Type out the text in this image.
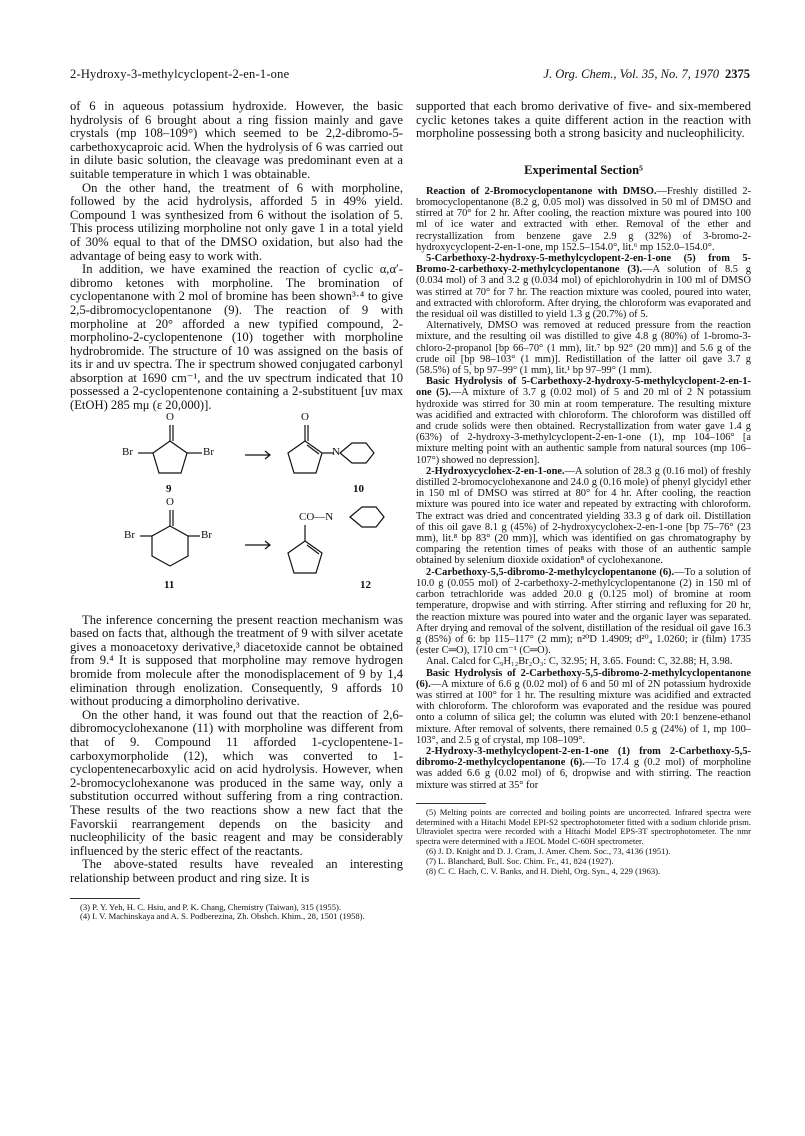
2-Hydroxy-3-methylcyclopent-2-en-1-one	J. Org. Chem., Vol. 35, No. 7, 1970 2375

of 6 in aqueous potassium hydroxide. However, the basic hydrolysis of 6 brought about a ring fission mainly and gave crystals (mp 108–109°) which seemed to be 2,2-dibromo-5-carbethoxycaproic acid. When the hydrolysis of 6 was carried out in dilute basic solution, the cleavage was predominant even at a suitable temperature in which 1 was obtainable.

On the other hand, the treatment of 6 with morpholine, followed by the acid hydrolysis, afforded 5 in 49% yield. Compound 1 was synthesized from 6 without the isolation of 5. This process utilizing morpholine not only gave 1 in a total yield of 30% equal to that of the DMSO oxidation, but also had the advantage of being easy to work with.

In addition, we have examined the reaction of cyclic α,α′-dibromo ketones with morpholine. The bromination of cyclopentanone with 2 mol of bromine has been shown³·⁴ to give 2,5-dibromocyclopentanone (9). The reaction of 9 with morpholine at 20° afforded a new typified compound, 2-morpholino-2-cyclopentenone (10) together with morpholine hydrobromide. The structure of 10 was assigned on the basis of its ir and uv spectra. The ir spectrum showed conjugated carbonyl absorption at 1690 cm⁻¹, and the uv spectrum indicated that 10 possessed a 2-cyclopentenone containing a 2-substituent [uv max (EtOH) 285 mμ (ε 20,000)].

O
Br	Br
9
O
N
10
O
Br	Br
11
CO—N
12

The inference concerning the present reaction mechanism was based on facts that, although the treatment of 9 with silver acetate gives a monoacetoxy derivative,³ diacetoxide cannot be obtained from 9.⁴ It is supposed that morpholine may remove hydrogen bromide from molecule after the monodisplacement of 9 by 1,4 elimination through enolization. Consequently, 9 affords 10 without producing a dimorpholino derivative.

On the other hand, it was found out that the reaction of 2,6-dibromocyclohexanone (11) with morpholine was different from that of 9. Compound 11 afforded 1-cyclopentene-1-carboxymorpholide (12), which was converted to 1-cyclopentenecarboxylic acid on acid hydrolysis. However, when 2-bromocyclohexanone was produced in the same way, only a substitution occurred without suffering from a ring contraction. These results of the two reactions show a new fact that the Favorskii rearrangement depends on the basicity and nucleophilicity of the basic reagent and may be considerably influenced by the steric effect of the reactants.

The above-stated results have revealed an interesting relationship between product and ring size. It is

(3) P. Y. Yeh, H. C. Hsiu, and P. K. Chang, Chemistry (Taiwan), 315 (1955).

(4) I. V. Machinskaya and A. S. Podberezina, Zh. Obshch. Khim., 28, 1501 (1958).

supported that each bromo derivative of five- and six-membered cyclic ketones takes a quite different action in the reaction with morpholine possessing both a strong basicity and nucleophilicity.

Experimental Section⁵

Reaction of 2-Bromocyclopentanone with DMSO.—Freshly distilled 2-bromocyclopentanone (8.2 g, 0.05 mol) was dissolved in 50 ml of DMSO and stirred at 70° for 2 hr. After cooling, the reaction mixture was poured into 100 ml of ice water and extracted with ether. Removal of the ether and recrystallization from benzene gave 2.9 g (32%) of 3-bromo-2-hydroxycyclopent-2-en-1-one, mp 152.5–154.0°, lit.⁶ mp 152.0–154.0°.

5-Carbethoxy-2-hydroxy-5-methylcyclopent-2-en-1-one (5) from 5-Bromo-2-carbethoxy-2-methylcyclopentanone (3).—A solution of 8.5 g (0.034 mol) of 3 and 3.2 g (0.034 mol) of epichlorohydrin in 100 ml of DMSO was stirred at 70° for 7 hr. The reaction mixture was cooled, poured into water, and extracted with chloroform. After drying, the chloroform was evaporated and the residual oil was distilled to yield 1.3 g (20.7%) of 5.

Alternatively, DMSO was removed at reduced pressure from the reaction mixture, and the resulting oil was distilled to give 4.8 g (80%) of 1-bromo-3-chloro-2-propanol [bp 66–70° (1 mm), lit.⁷ bp 92° (20 mm)] and 5.6 g of the crude oil [bp 98–103° (1 mm)]. Redistillation of the latter oil gave 3.7 g (58.5%) of 5, bp 97–99° (1 mm), lit.¹ bp 97–99° (1 mm).

Basic Hydrolysis of 5-Carbethoxy-2-hydroxy-5-methylcyclopent-2-en-1-one (5).—A mixture of 3.7 g (0.02 mol) of 5 and 20 ml of 2 N potassium hydroxide was stirred for 30 min at room temperature. The resulting mixture was acidified and extracted with chloroform. The chloroform was distilled off and crude solids were then obtained. Recrystallization from water gave 1.4 g (63%) of 2-hydroxy-3-methylcyclopent-2-en-1-one (1), mp 104–106° [a mixture melting point with an authentic sample from natural sources (mp 106–107°) showed no depression].

2-Hydroxycyclohex-2-en-1-one.—A solution of 28.3 g (0.16 mol) of freshly distilled 2-bromocyclohexanone and 24.0 g (0.16 mole) of phenyl glycidyl ether in 150 ml of DMSO was stirred at 80° for 4 hr. After cooling, the reaction mixture was poured into ice water and repeated by extracting with chloroform. The extract was dried and concentrated yielding 33.3 g of dark oil. Distillation of this oil gave 8.1 g (45%) of 2-hydroxycyclohex-2-en-1-one [bp 75–76° (23 mm), lit.⁸ bp 83° (20 mm)], which was identified on gas chromatography by comparing the retention times of peaks with those of an authentic sample obtained by selenium dioxide oxidation⁸ of cyclohexanone.

2-Carbethoxy-5,5-dibromo-2-methylcyclopentanone (6).—To a solution of 10.0 g (0.055 mol) of 2-carbethoxy-2-methylcyclopentanone (2) in 150 ml of carbon tetrachloride was added 20.0 g (0.125 mol) of bromine at room temperature, dropwise and with stirring. After stirring and refluxing for 20 hr, the reaction mixture was poured into water and the organic layer was separated. After drying and removal of the solvent, distillation of the residual oil gave 16.3 g (85%) of 6: bp 115–117° (2 mm); n²⁰D 1.4909; d²⁰₄ 1.0260; ir (film) 1735 (ester C═O), 1710 cm⁻¹ (C═O).

Anal. Calcd for C₉H₁₂Br₂O₃: C, 32.95; H, 3.65. Found: C, 32.88; H, 3.98.

Basic Hydrolysis of 2-Carbethoxy-5,5-dibromo-2-methylcyclopentanone (6).—A mixture of 6.6 g (0.02 mol) of 6 and 50 ml of 2N potassium hydroxide was stirred at 100° for 1 hr. The resulting mixture was acidified and extracted with chloroform. The chloroform was evaporated and the residue was poured onto a column of silica gel; the column was eluted with 20:1 benzene-ethanol mixture. After removal of solvents, there remained 0.5 g (24%) of 1, mp 100–103°, and 2.5 g of crystal, mp 108–109°.

2-Hydroxy-3-methylcyclopent-2-en-1-one (1) from 2-Carbethoxy-5,5-dibromo-2-methylcyclopentanone (6).—To 17.4 g (0.2 mol) of morpholine was added 6.6 g (0.02 mol) of 6, dropwise and with stirring. The reaction mixture was stirred at 35° for

(5) Melting points are corrected and boiling points are uncorrected. Infrared spectra were determined with a Hitachi Model EPI-S2 spectrophotometer fitted with a sodium chloride prism. Ultraviolet spectra were recorded with a Hitachi Model EPS-3T spectrophotometer. The nmr spectra were determined with a JEOL Model C-60H spectrometer.

(6) J. D. Knight and D. J. Cram, J. Amer. Chem. Soc., 73, 4136 (1951).

(7) L. Blanchard, Bull. Soc. Chim. Fr., 41, 824 (1927).

(8) C. C. Hach, C. V. Banks, and H. Diehl, Org. Syn., 4, 229 (1963).
